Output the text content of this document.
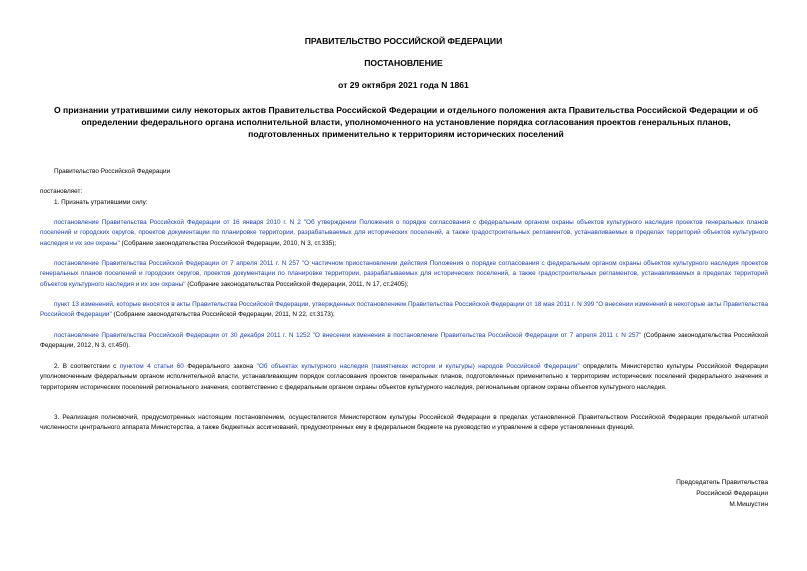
ПРАВИТЕЛЬСТВО РОССИЙСКОЙ ФЕДЕРАЦИИ
ПОСТАНОВЛЕНИЕ
от 29 октября 2021 года N 1861
О признании утратившими силу некоторых актов Правительства Российской Федерации и отдельного положения акта Правительства Российской Федерации и об определении федерального органа исполнительной власти, уполномоченного на установление порядка согласования проектов генеральных планов, подготовленных применительно к территориям исторических поселений
Правительство Российской Федерации
постановляет:
1. Признать утратившими силу:
постановление Правительства Российской Федерации от 16 января 2010 г. N 2 "Об утверждении Положения о порядке согласования с федеральным органом охраны объектов культурного наследия проектов генеральных планов поселений и городских округов, проектов документации по планировке территории, разрабатываемых для исторических поселений, а также градостроительных регламентов, устанавливаемых в пределах территорий объектов культурного наследия и их зон охраны" (Собрание законодательства Российской Федерации, 2010, N 3, ст.335);
постановление Правительства Российской Федерации от 7 апреля 2011 г. N 257 "О частичном приостановлении действия Положения о порядке согласования с федеральным органом охраны объектов культурного наследия проектов генеральных планов поселений и городских округов, проектов документации по планировке территории, разрабатываемых для исторических поселений, а также градостроительных регламентов, устанавливаемых в пределах территорий объектов культурного наследия и их зон охраны" (Собрание законодательства Российской Федерации, 2011, N 17, ст.2405);
пункт 13 изменений, которые вносятся в акты Правительства Российской Федерации, утвержденных постановлением Правительства Российской Федерации от 18 мая 2011 г. N 399 "О внесении изменений в некоторые акты Правительства Российской Федерации" (Собрание законодательства Российской Федерации, 2011, N 22, ст.3173);
постановление Правительства Российской Федерации от 30 декабря 2011 г. N 1252 "О внесении изменения в постановление Правительства Российской Федерации от 7 апреля 2011 г. N 257" (Собрание законодательства Российской Федерации, 2012, N 3, ст.450).
2. В соответствии с пунктом 4 статьи 60 Федерального закона "Об объектах культурного наследия (памятниках истории и культуры) народов Российской Федерации" определить Министерство культуры Российской Федерации уполномоченным федеральным органом исполнительной власти, устанавливающим порядок согласования проектов генеральных планов, подготовленных применительно к территориям исторических поселений федерального значения и территориям исторических поселений регионального значения, соответственно с федеральным органом охраны объектов культурного наследия, региональным органом охраны объектов культурного наследия.
3. Реализация полномочий, предусмотренных настоящим постановлением, осуществляется Министерством культуры Российской Федерации в пределах установленной Правительством Российской Федерации предельной штатной численности центрального аппарата Министерства, а также бюджетных ассигнований, предусмотренных ему в федеральном бюджете на руководство и управление в сфере установленных функций.
Председатель Правительства
Российской Федерации
М.Мишустин
